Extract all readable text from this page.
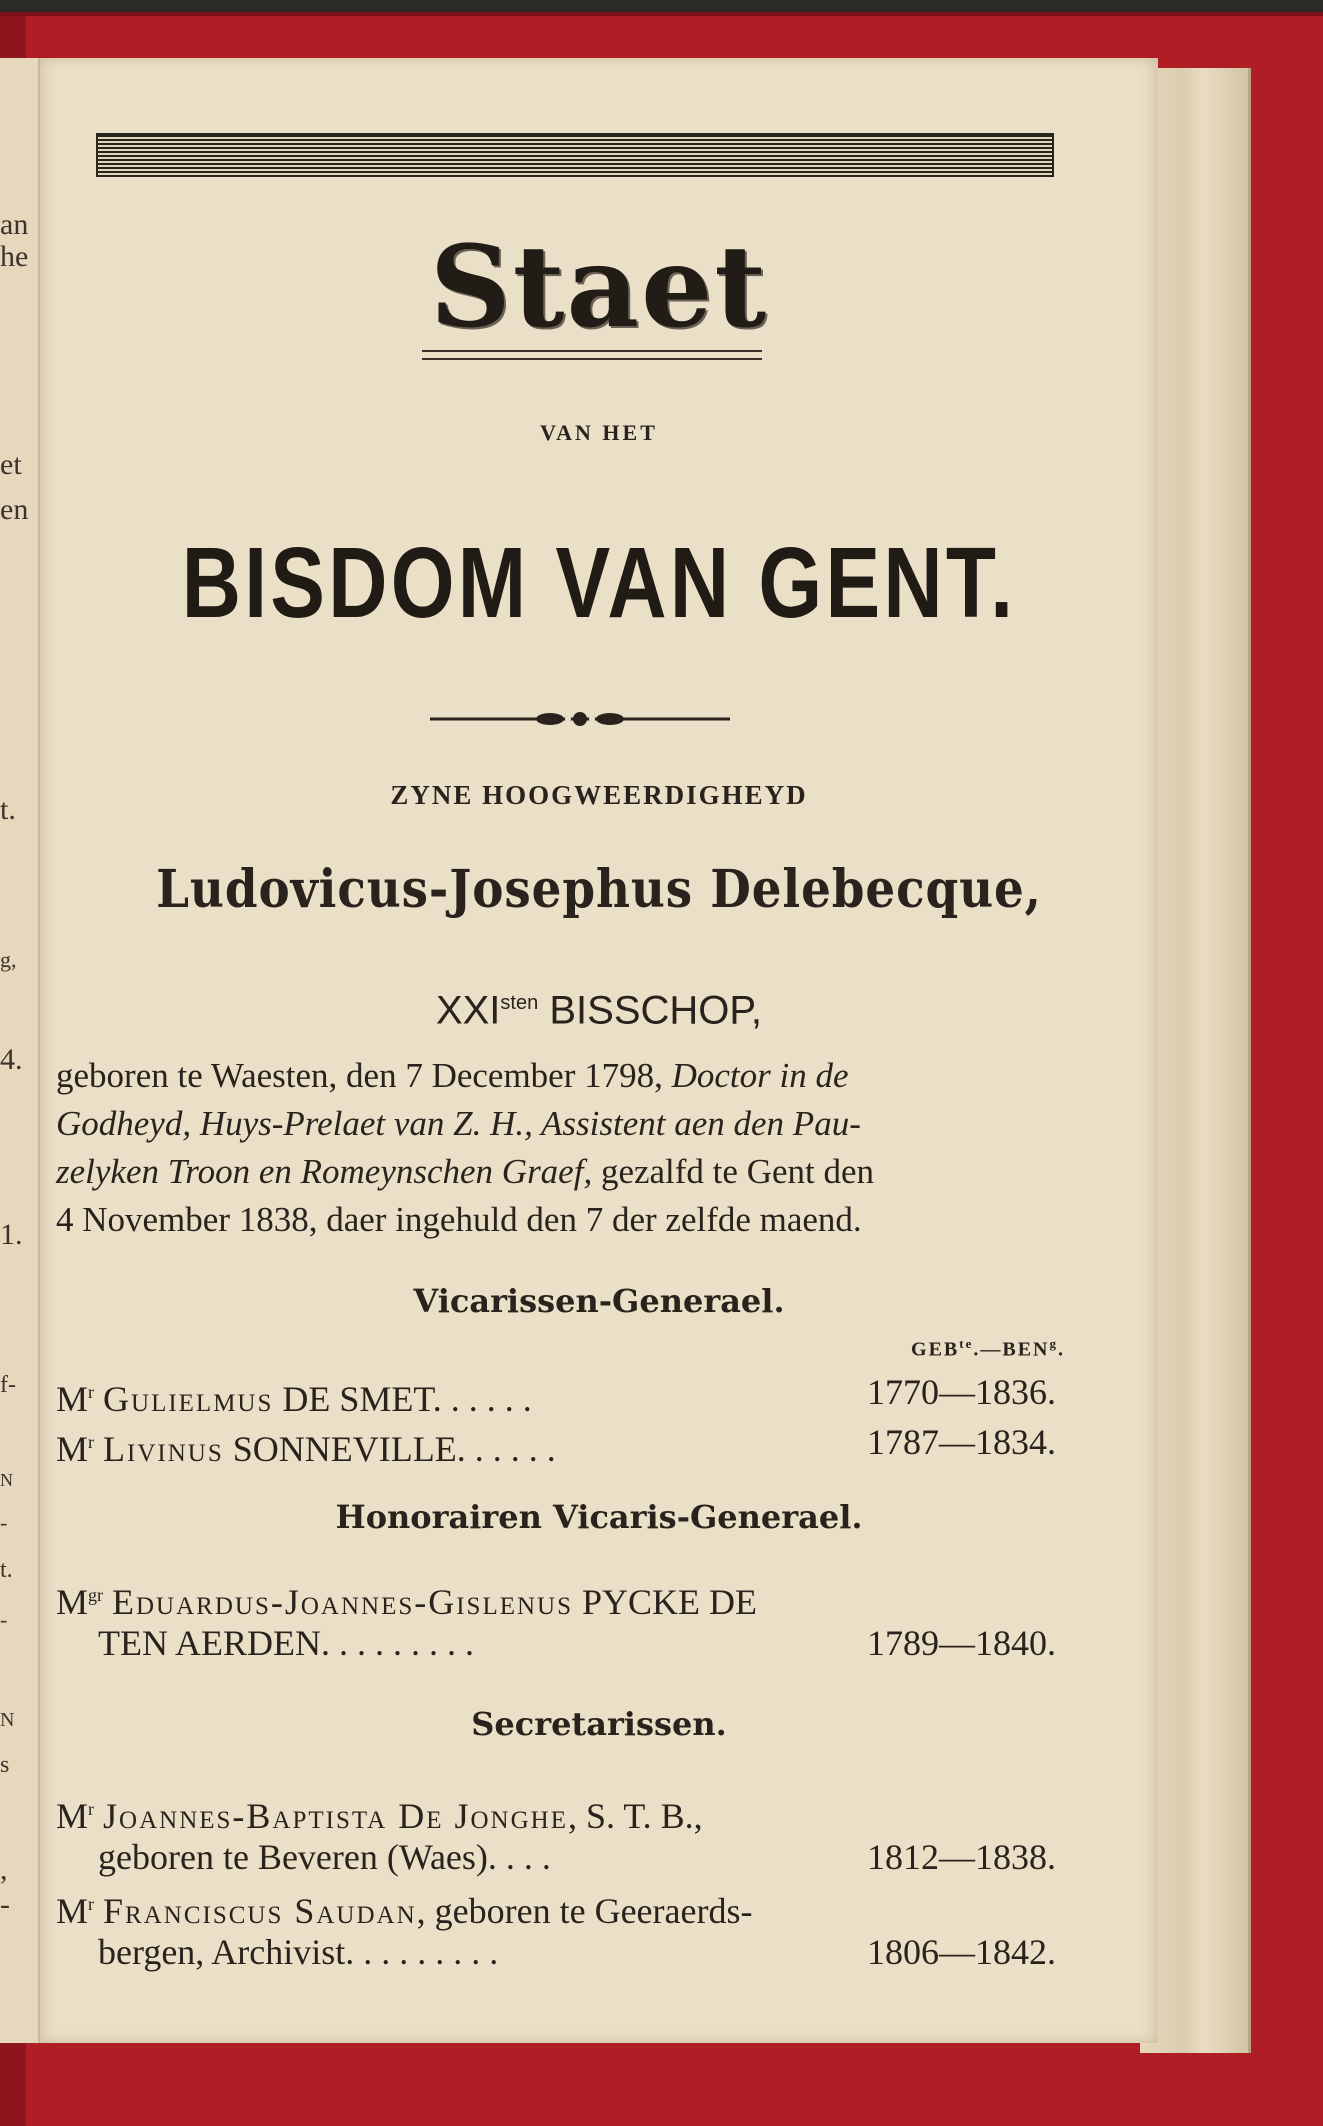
an
he
et
en
t.
g,
4.
1.
f-
N
-
t.
-
N
s
,
-
Staet
VAN HET
BISDOM VAN GENT.
ZYNE HOOGWEERDIGHEYD
Ludovicus-Josephus Delebecque,
$XXI^{sten}$ BISSCHOP,
geboren te Waesten, den 7 December 1798, Doctor in de
Godheyd, Huys-Prelaet van Z. H., Assistent aen den Pau-
zelyken Troon en Romeynschen Graef, gezalfd te Gent den
4 November 1838, daer ingehuld den 7 der zelfde maend.
Vicarissen-Generael.
$GEB^{te}.—BEN^g$.
$M^r$ Gulielmus DE SMET. . . . . .	1770—1836.
$M^r$ Livinus SONNEVILLE. . . . . .	1787—1834.
Honorairen Vicaris-Generael.
$M^{gr}$ Eduardus-Joannes-Gislenus PYCKE DE
TEN AERDEN. . . . . . . . .	1789—1840.
Secretarissen.
$M^r$ Joannes-Baptista De Jonghe, S. T. B.,
geboren te Beveren (Waes). . . .	1812—1838.
$M^r$ Franciscus Saudan, geboren te Geeraerds-
bergen, Archivist. . . . . . . . .	1806—1842.
